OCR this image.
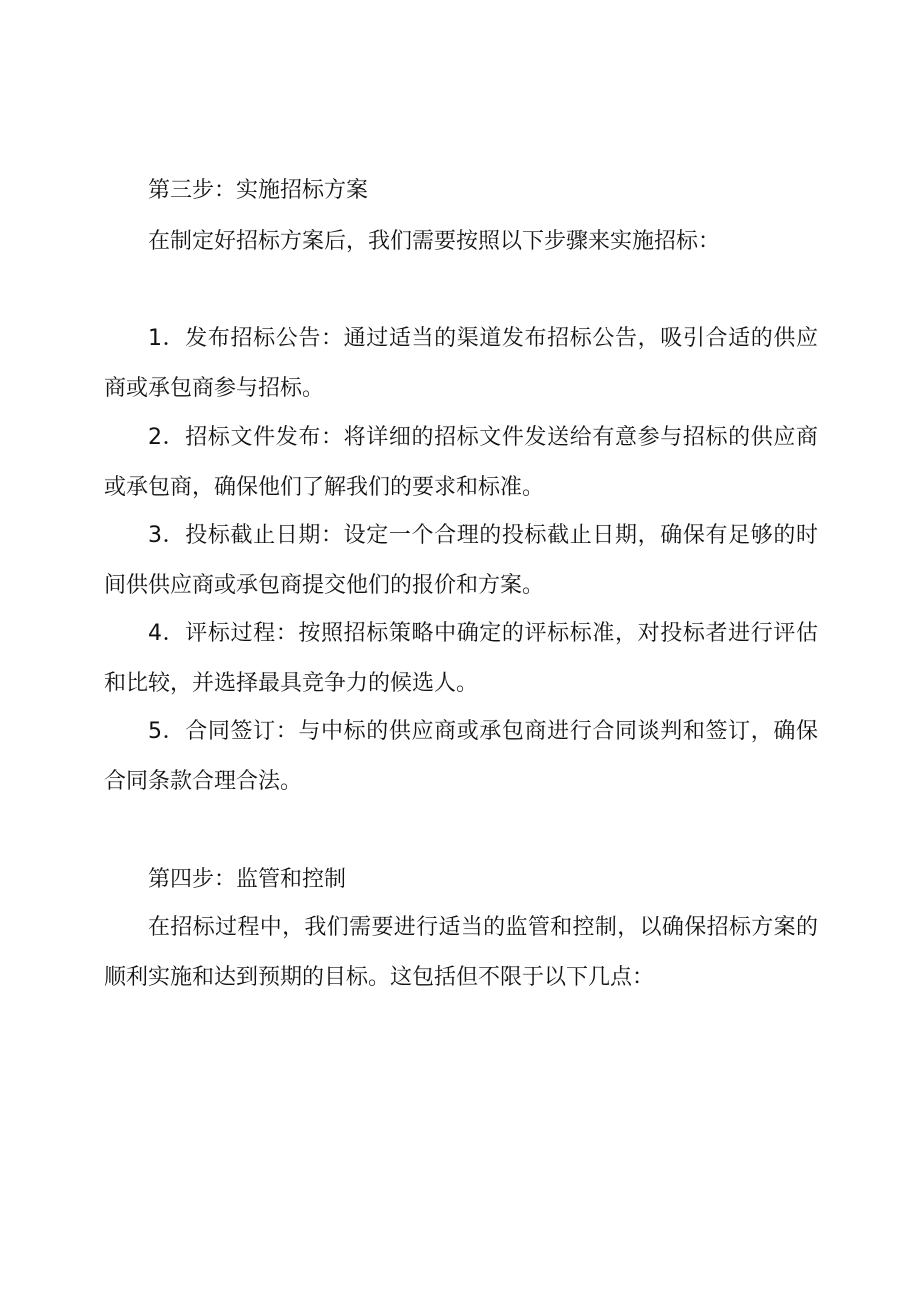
第三步：实施招标方案

在制定好招标方案后，我们需要按照以下步骤来实施招标：

1．发布招标公告：通过适当的渠道发布招标公告，吸引合适的供应商或承包商参与招标。

2．招标文件发布：将详细的招标文件发送给有意参与招标的供应商或承包商，确保他们了解我们的要求和标准。

3．投标截止日期：设定一个合理的投标截止日期，确保有足够的时间供供应商或承包商提交他们的报价和方案。

4．评标过程：按照招标策略中确定的评标标准，对投标者进行评估和比较，并选择最具竞争力的候选人。

5．合同签订：与中标的供应商或承包商进行合同谈判和签订，确保合同条款合理合法。

第四步：监管和控制

在招标过程中，我们需要进行适当的监管和控制，以确保招标方案的顺利实施和达到预期的目标。这包括但不限于以下几点：
